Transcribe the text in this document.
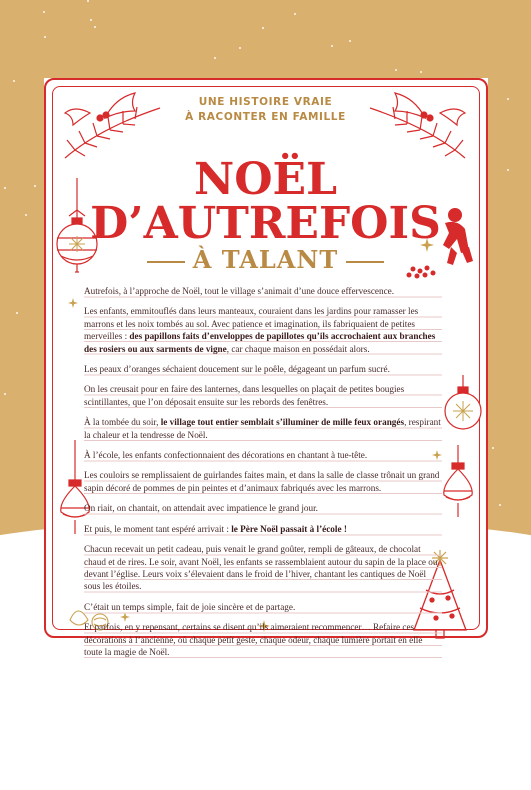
UNE HISTOIRE VRAIE
À RACONTER EN FAMILLE
NOËL
D’AUTREFOIS
À TALANT

Autrefois, à l’approche de Noël, tout le village s’animait d’une douce effervescence.

Les enfants, emmitouflés dans leurs manteaux, couraient dans les jardins pour ramasser les marrons et les noix tombés au sol. Avec patience et imagination, ils fabriquaient de petites merveilles : des papillons faits d’enveloppes de papillotes qu’ils accrochaient aux branches des rosiers ou aux sarments de vigne, car chaque maison en possédait alors.

Les peaux d’oranges séchaient doucement sur le poêle, dégageant un parfum sucré.

On les creusait pour en faire des lanternes, dans lesquelles on plaçait de petites bougies scintillantes, que l’on déposait ensuite sur les rebords des fenêtres.

À la tombée du soir, le village tout entier semblait s’illuminer de mille feux orangés, respirant la chaleur et la tendresse de Noël.

À l’école, les enfants confectionnaient des décorations en chantant à tue-tête.

Les couloirs se remplissaient de guirlandes faites main, et dans la salle de classe trônait un grand sapin décoré de pommes de pin peintes et d’animaux fabriqués avec les marrons.

On riait, on chantait, on attendait avec impatience le grand jour.

Et puis, le moment tant espéré arrivait : le Père Noël passait à l’école !

Chacun recevait un petit cadeau, puis venait le grand goûter, rempli de gâteaux, de chocolat chaud et de rires. Le soir, avant Noël, les enfants se rassemblaient autour du sapin de la place ou devant l’église. Leurs voix s’élevaient dans le froid de l’hiver, chantant les cantiques de Noël sous les étoiles.

C’était un temps simple, fait de joie sincère et de partage.

Et parfois, en y repensant, certains se disent qu’ils aimeraient recommencer… Refaire ces décorations à l’ancienne, où chaque petit geste, chaque odeur, chaque lumière portait en elle toute la magie de Noël.
